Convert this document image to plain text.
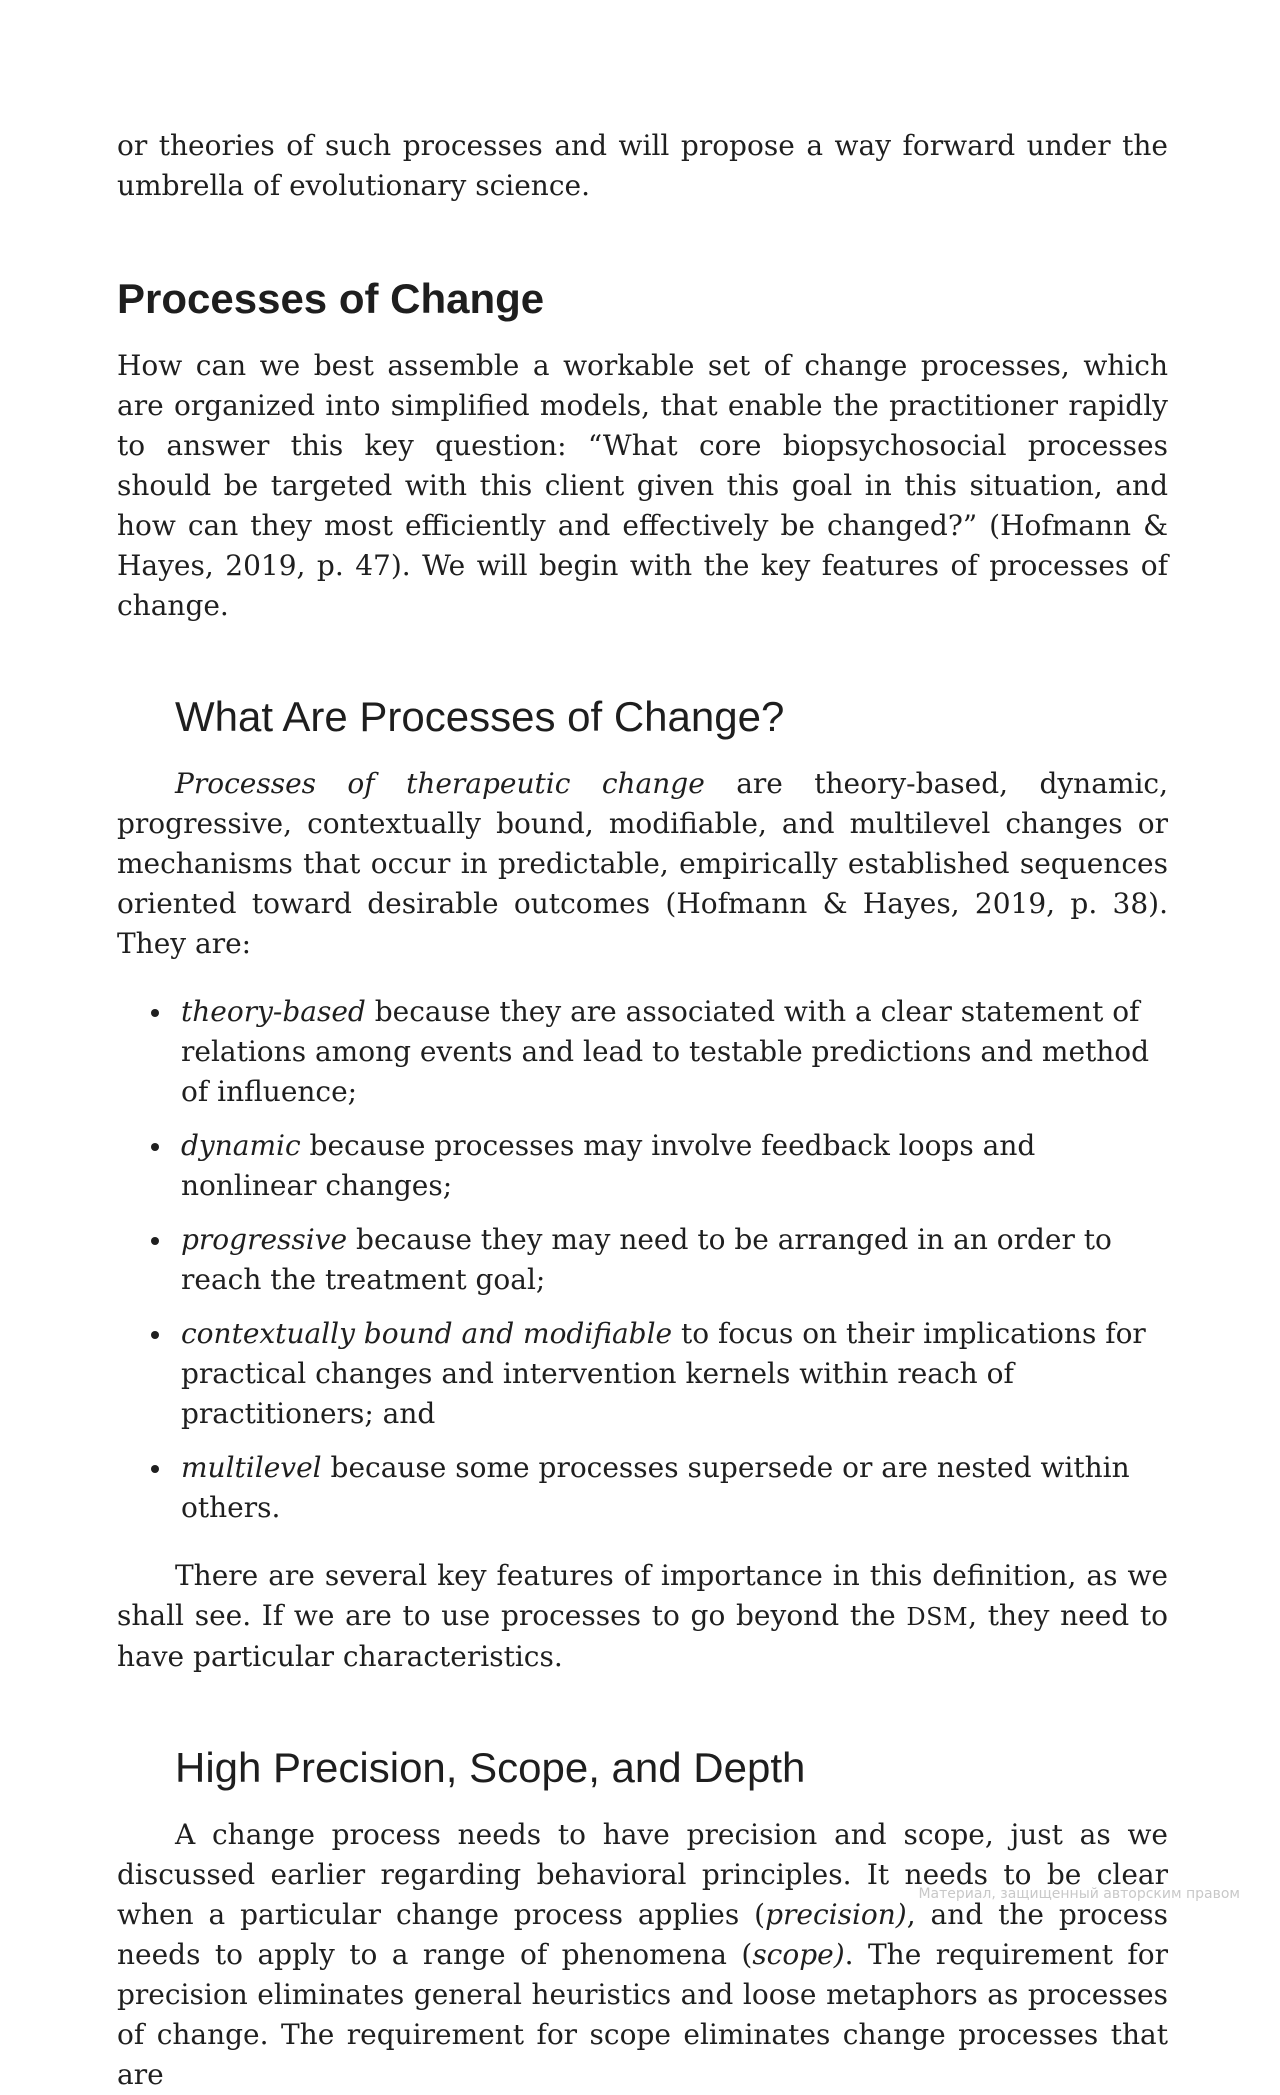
or theories of such processes and will propose a way forward under the umbrella of evolutionary science.

Processes of Change

How can we best assemble a workable set of change processes, which are organized into simplified models, that enable the practitioner rapidly to answer this key question: “What core biopsychosocial processes should be targeted with this client given this goal in this situation, and how can they most efficiently and effectively be changed?” (Hofmann & Hayes, 2019, p. 47). We will begin with the key features of processes of change.

What Are Processes of Change?

Processes of therapeutic change are theory-based, dynamic, progressive, contextually bound, modifiable, and multilevel changes or mechanisms that occur in predictable, empirically established sequences oriented toward desirable outcomes (Hofmann & Hayes, 2019, p. 38). They are:

theory-based because they are associated with a clear statement of relations among events and lead to testable predictions and method of influence;
dynamic because processes may involve feedback loops and nonlinear changes;
progressive because they may need to be arranged in an order to reach the treatment goal;
contextually bound and modifiable to focus on their implications for practical changes and intervention kernels within reach of practitioners; and
multilevel because some processes supersede or are nested within others.

There are several key features of importance in this definition, as we shall see. If we are to use processes to go beyond the DSM, they need to have particular characteristics.

High Precision, Scope, and Depth

A change process needs to have precision and scope, just as we discussed earlier regarding behavioral principles. It needs to be clear when a particular change process applies (precision), and the process needs to apply to a range of phenomena (scope). The requirement for precision eliminates general heuristics and loose metaphors as processes of change. The requirement for scope eliminates change processes that are

Материал, защищенный авторским правом
